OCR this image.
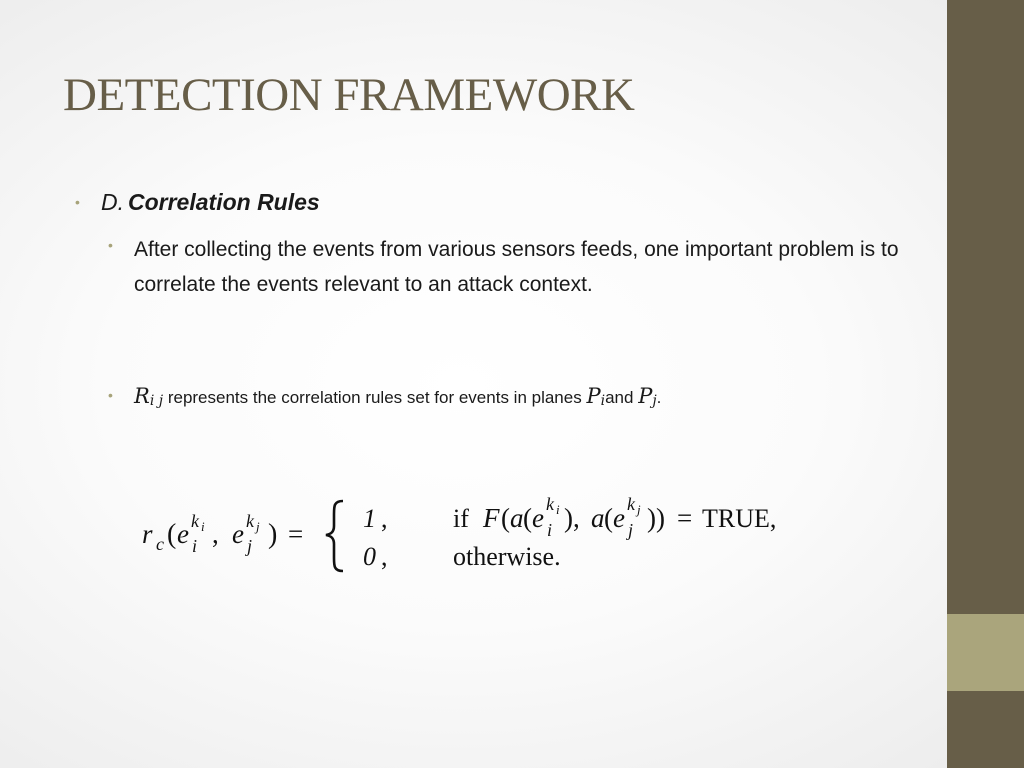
DETECTION FRAMEWORK
• D. Correlation Rules
• After collecting the events from various sensors feeds, one important problem is to correlate the events relevant to an attack context.
• $R_{i j}$ represents the correlation rules set for events in planes $P_iand$ $P_j$.
r c ( e k i
i , e k j
j ) =
1 ,	if F ( a ( e k i
i ) , a ( e k j
j ) ) = TRUE,
0 ,	otherwise.
